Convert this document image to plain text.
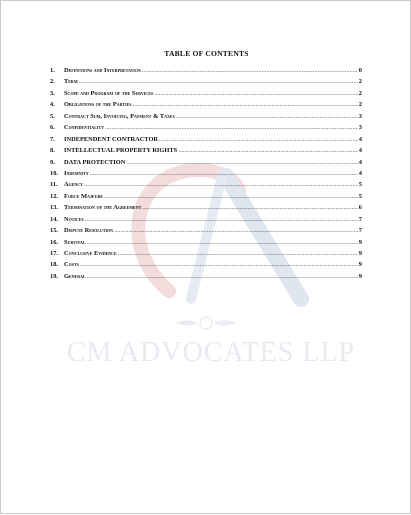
CM ADVOCATES LLP
TABLE OF CONTENTS
1.	Definitions and Interpretation .....	0
2.	Term .....	2
3.	Scope and Program of the Services .....	2
4.	Obligations of the Parties .....	2
5.	Contract Sum, Invoicing, Payment & Taxes .....	3
6.	Confidentiality .....	3
7.	INDEPENDENT CONTRACTOR .....	4
8.	INTELLECTUAL PROPERTY RIGHTS .....	4
9.	DATA PROTECTION .....	4
10. Indemnity .....	4
11. Agency .....	5
12. Force Majeure .....	5
13. Termination of the Agreement .....	6
14. Notices .....	7
15. Dispute Resolution .....	7
16. Survival .....	9
17. Conclusive Evidence .....	9
18. Costs .....	9
19. General .....	9
